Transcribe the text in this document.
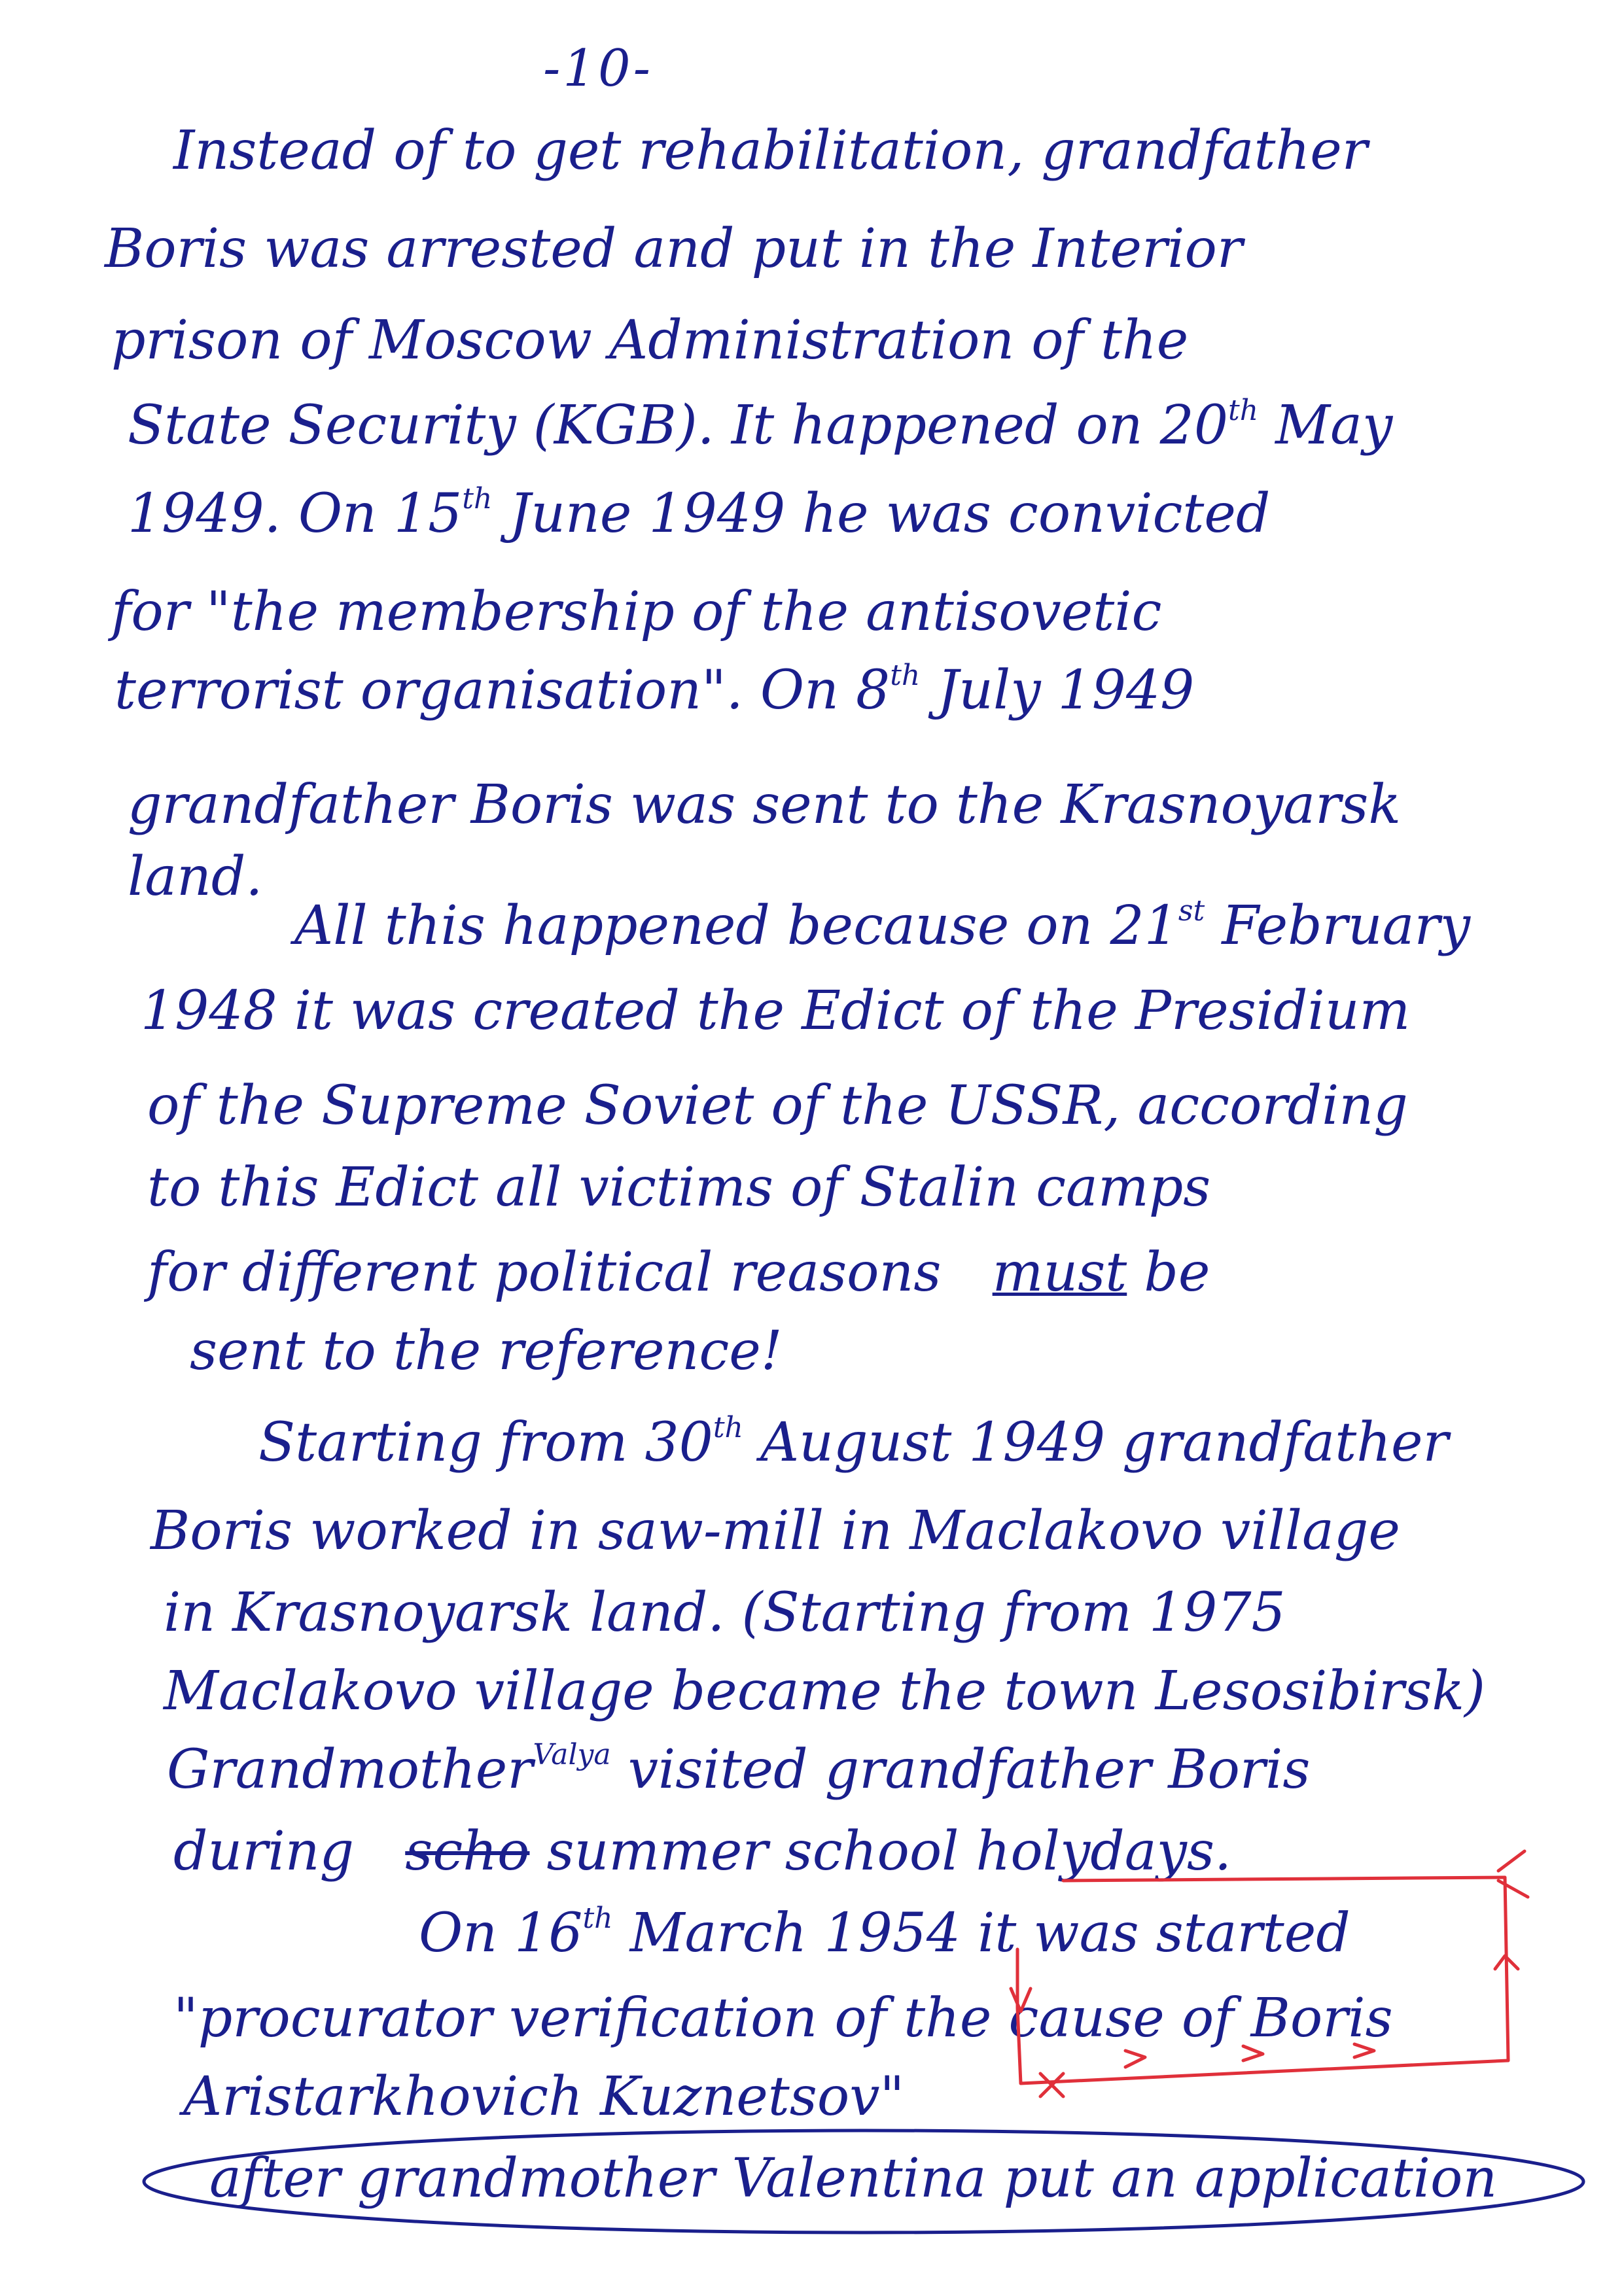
-10-
Instead of to get rehabilitation, grandfather
Boris was arrested and put in the Interior
prison of Moscow Administration of the
State Security (KGB). It happened on 20th May
1949. On 15th June 1949 he was convicted
for "the membership of the antisovetic
terrorist organisation". On 8th July 1949
grandfather Boris was sent to the Krasnoyarsk
land.
All this happened because on 21st February
1948 it was created the Edict of the Presidium
of the Supreme Soviet of the USSR, according
to this Edict all victims of Stalin camps
for different political reasons must be
sent to the reference!
Starting from 30th August 1949 grandfather
Boris worked in saw-mill in Maclakovo village
in Krasnoyarsk land. (Starting from 1975
Maclakovo village became the town Lesosibirsk)
Grandmother$^{Valya}$ visited grandfather Boris
during scho summer school holydays.
On 16th March 1954 it was started
"procurator verification of the cause of Boris
Aristarkhovich Kuznetsov"
after grandmother Valentina put an application
